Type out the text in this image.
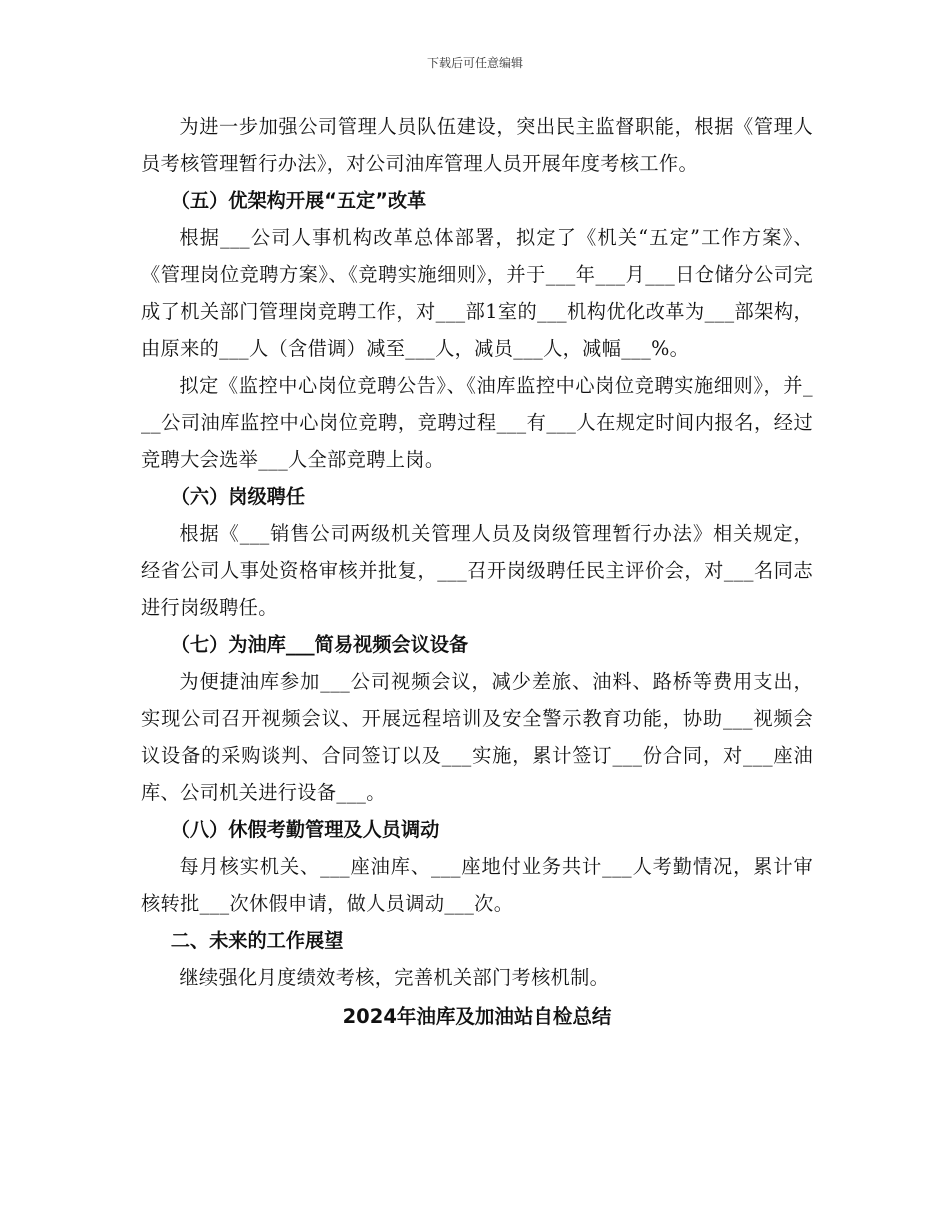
下载后可任意编辑

为进一步加强公司管理人员队伍建设，突出民主监督职能，根据《管理人员考核管理暂行办法》，对公司油库管理人员开展年度考核工作。

（五）优架构开展“五定”改革

根据___公司人事机构改革总体部署，拟定了《机关“五定”工作方案》、《管理岗位竞聘方案》、《竞聘实施细则》，并于___年___月___日仓储分公司完成了机关部门管理岗竞聘工作，对___部1室的___机构优化改革为___部架构，由原来的___人（含借调）减至___人，减员___人，减幅___%。

拟定《监控中心岗位竞聘公告》、《油库监控中心岗位竞聘实施细则》，并___公司油库监控中心岗位竞聘，竞聘过程___有___人在规定时间内报名，经过竞聘大会选举___人全部竞聘上岗。

（六）岗级聘任

根据《___销售公司两级机关管理人员及岗级管理暂行办法》相关规定，经省公司人事处资格审核并批复，___召开岗级聘任民主评价会，对___名同志进行岗级聘任。

（七）为油库___简易视频会议设备

为便捷油库参加___公司视频会议，减少差旅、油料、路桥等费用支出，实现公司召开视频会议、开展远程培训及安全警示教育功能，协助___视频会议设备的采购谈判、合同签订以及___实施，累计签订___份合同，对___座油库、公司机关进行设备___。

（八）休假考勤管理及人员调动

每月核实机关、___座油库、___座地付业务共计___人考勤情况，累计审核转批___次休假申请，做人员调动___次。

二、未来的工作展望

继续强化月度绩效考核，完善机关部门考核机制。

2024年油库及加油站自检总结
